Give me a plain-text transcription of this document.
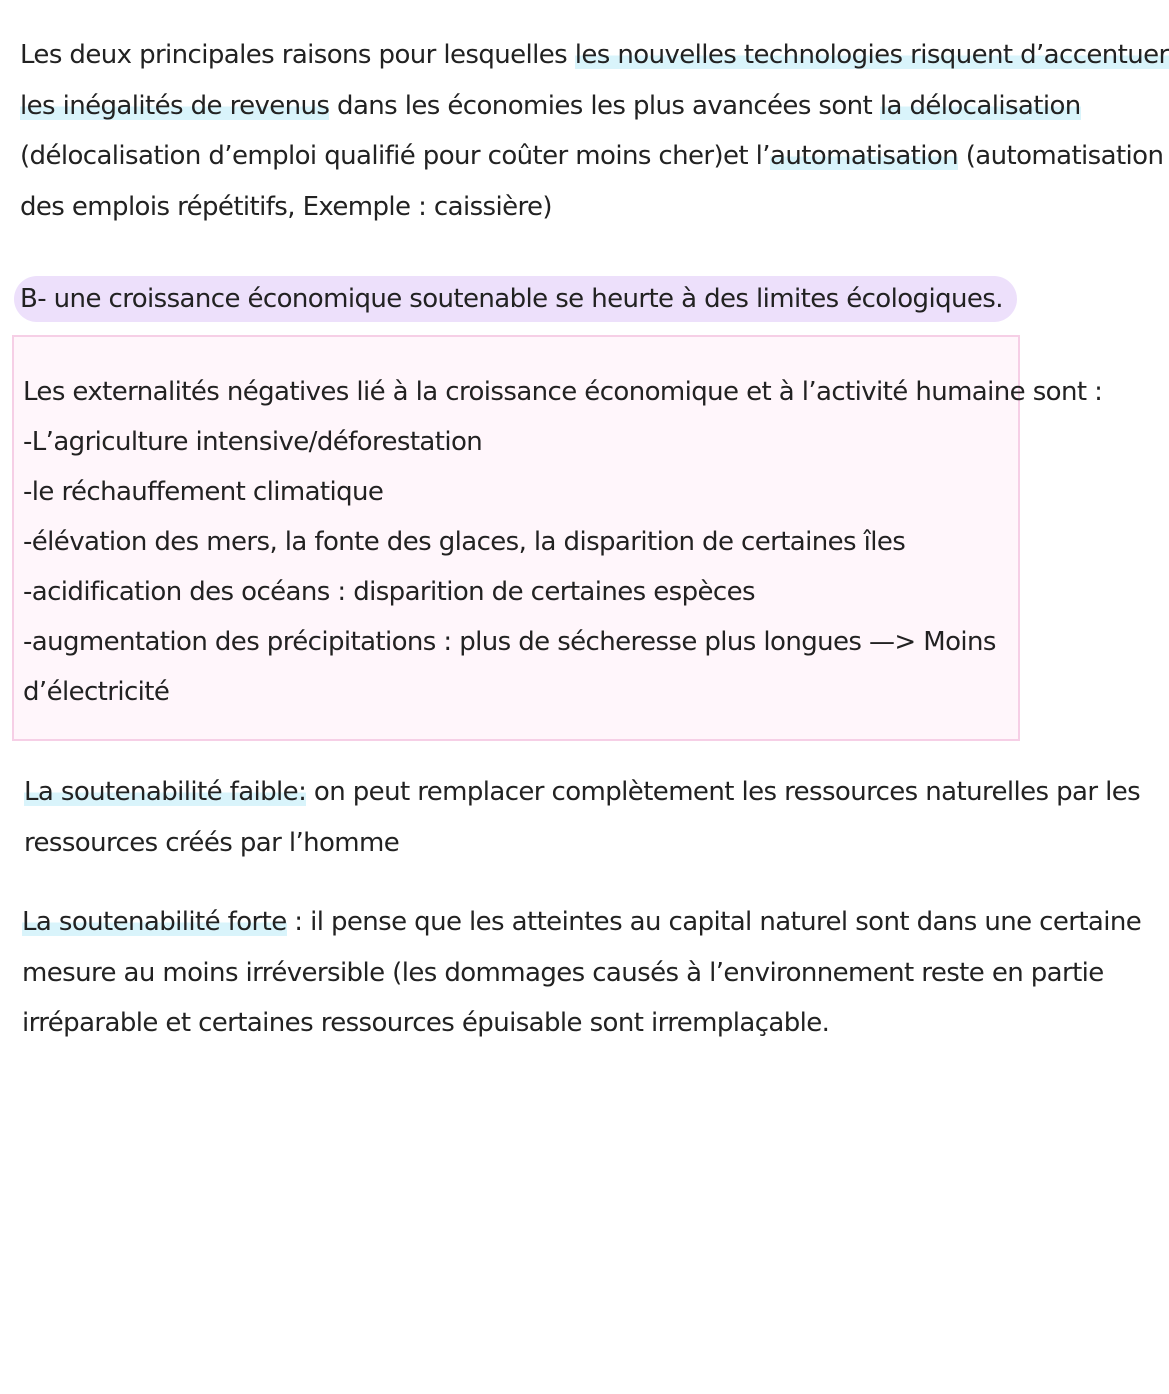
Les deux principales raisons pour lesquelles les nouvelles technologies risquent d’accentuer
les inégalités de revenus dans les économies les plus avancées sont la délocalisation
(délocalisation d’emploi qualifié pour coûter moins cher)et l’automatisation (automatisation
des emplois répétitifs, Exemple : caissière)
B- une croissance économique soutenable se heurte à des limites écologiques.
Les externalités négatives lié à la croissance économique et à l’activité humaine sont :
-L’agriculture intensive/déforestation
-le réchauffement climatique
-élévation des mers, la fonte des glaces, la disparition de certaines îles
-acidification des océans : disparition de certaines espèces
-augmentation des précipitations : plus de sécheresse plus longues —> Moins
d’électricité
La soutenabilité faible: on peut remplacer complètement les ressources naturelles par les
ressources créés par l’homme
La soutenabilité forte : il pense que les atteintes au capital naturel sont dans une certaine
mesure au moins irréversible (les dommages causés à l’environnement reste en partie
irréparable et certaines ressources épuisable sont irremplaçable.
